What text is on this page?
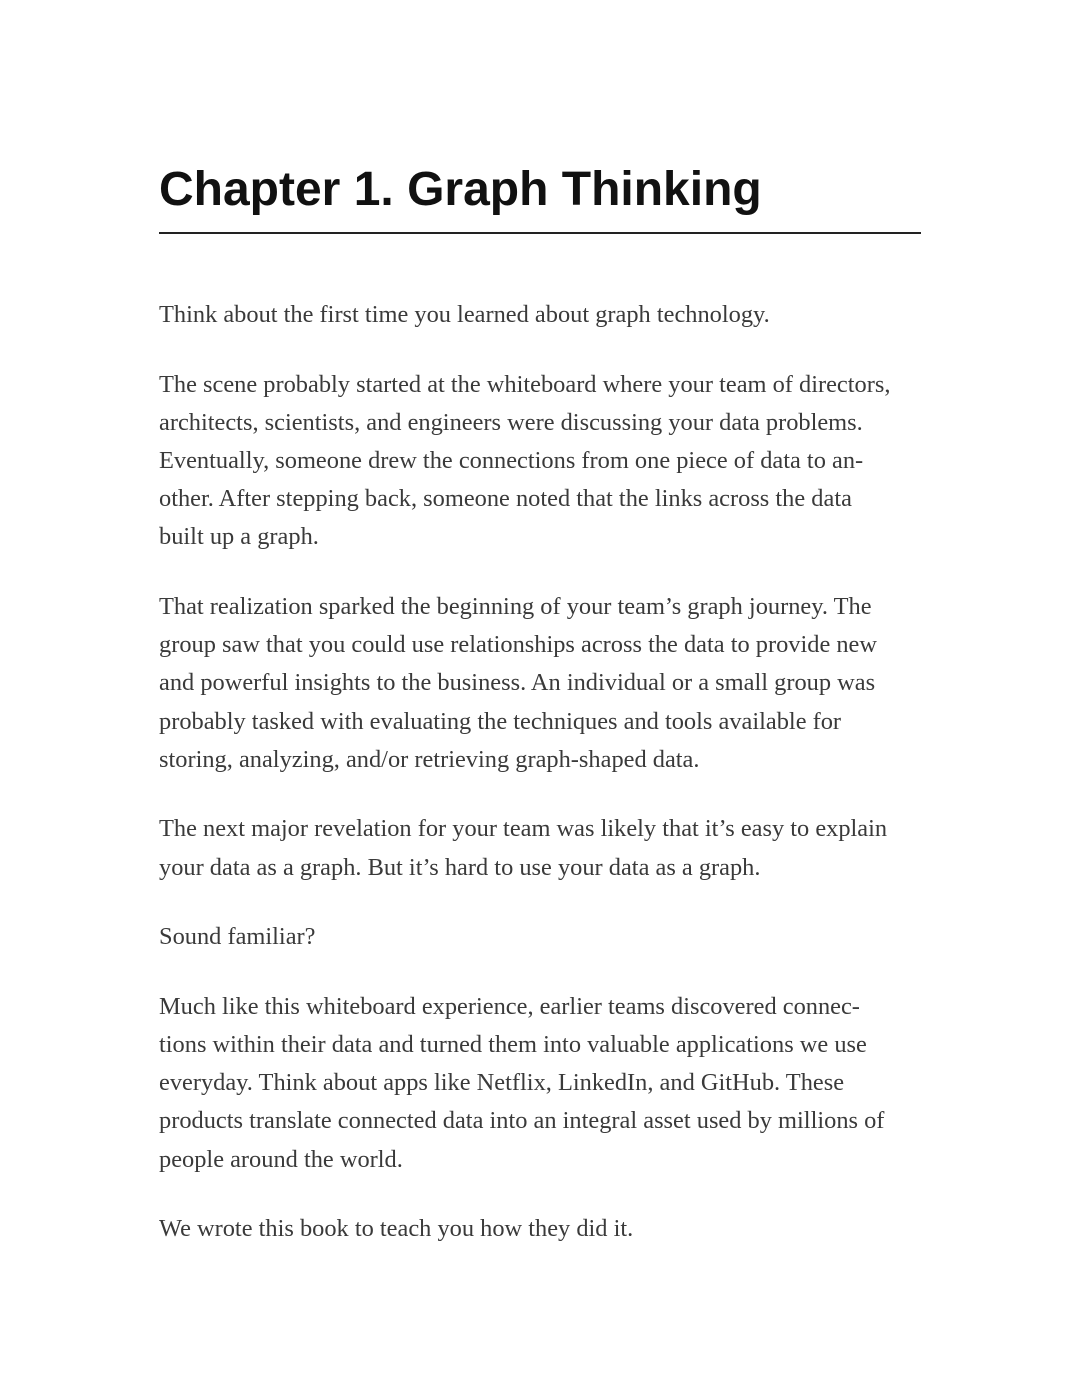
Chapter 1. Graph Thinking

Think about the first time you learned about graph technology.

The scene probably started at the whiteboard where your team of directors,
architects, scientists, and engineers were discussing your data problems.
Eventually, someone drew the connections from one piece of data to an-
other. After stepping back, someone noted that the links across the data
built up a graph.

That realization sparked the beginning of your team’s graph journey. The
group saw that you could use relationships across the data to provide new
and powerful insights to the business. An individual or a small group was
probably tasked with evaluating the techniques and tools available for
storing, analyzing, and/or retrieving graph-shaped data.

The next major revelation for your team was likely that it’s easy to explain
your data as a graph. But it’s hard to use your data as a graph.

Sound familiar?

Much like this whiteboard experience, earlier teams discovered connec-
tions within their data and turned them into valuable applications we use
everyday. Think about apps like Netflix, LinkedIn, and GitHub. These
products translate connected data into an integral asset used by millions of
people around the world.

We wrote this book to teach you how they did it.
